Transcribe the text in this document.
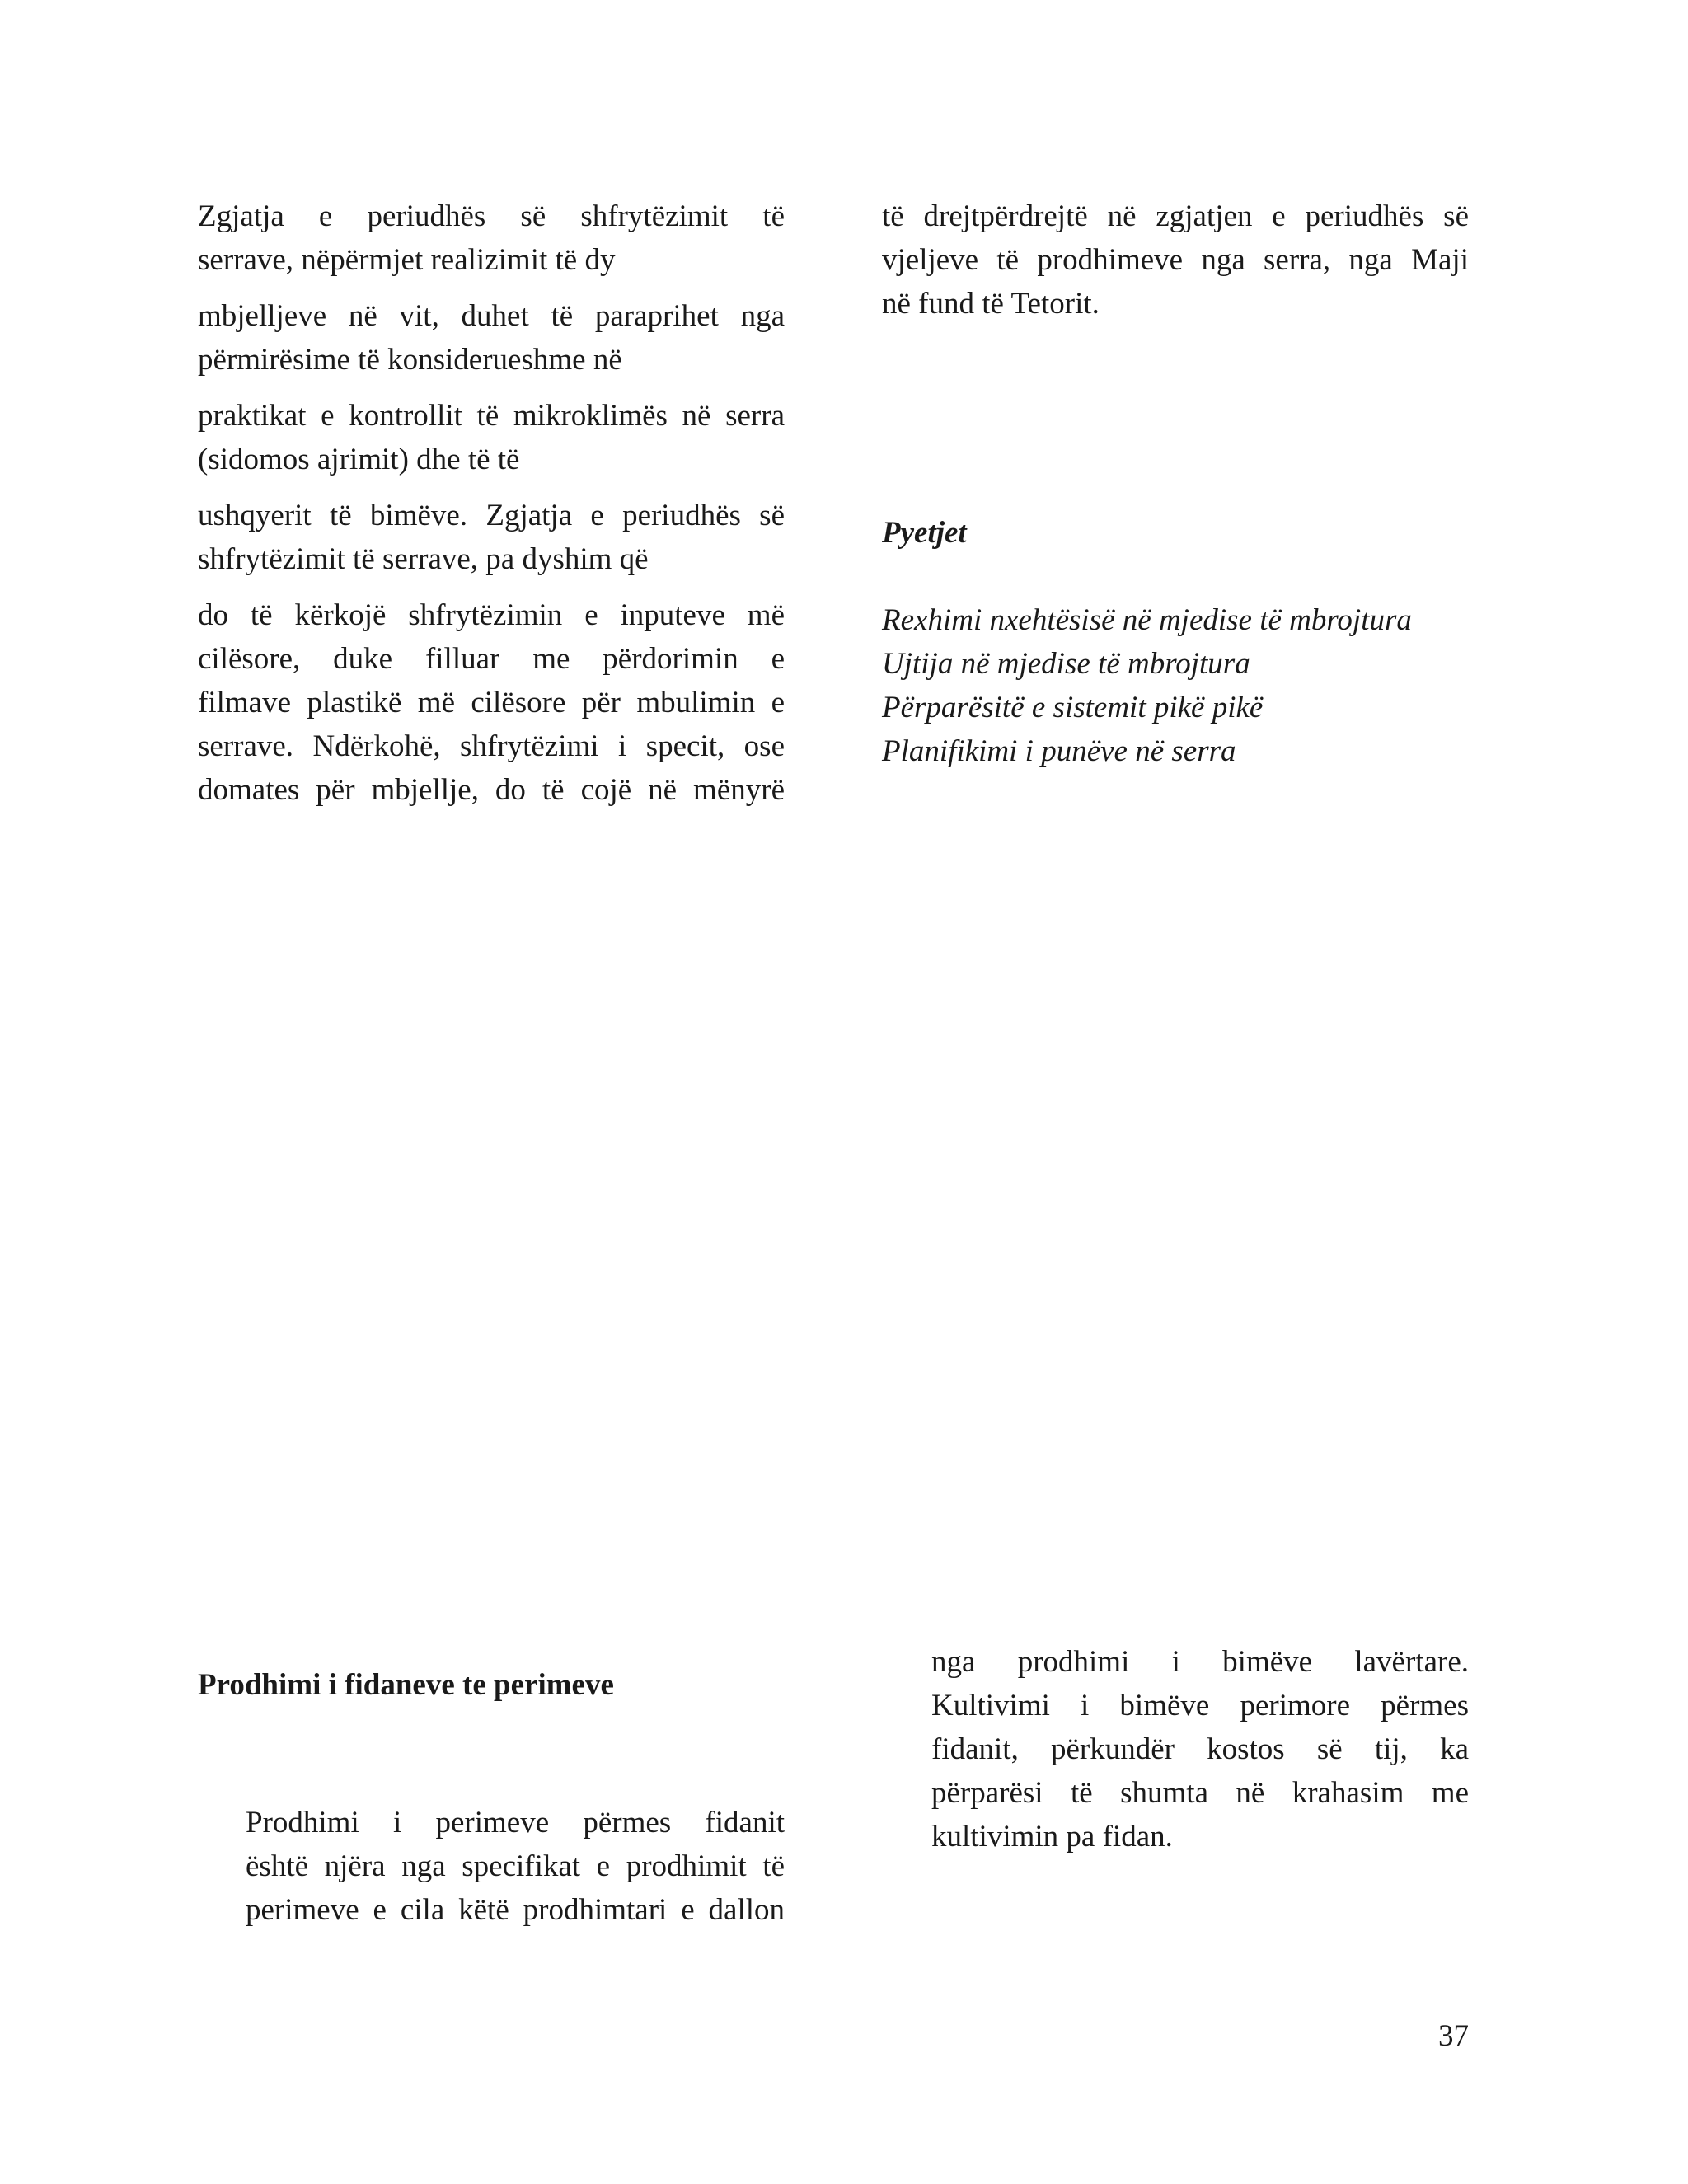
Zgjatja e periudhës së shfrytëzimit të
serrave, nëpërmjet realizimit të dy
mbjelljeve në vit, duhet të paraprihet nga
përmirësime të konsiderueshme në
praktikat e kontrollit të mikroklimës në serra
(sidomos ajrimit) dhe të të
ushqyerit të bimëve. Zgjatja e periudhës së
shfrytëzimit të serrave, pa dyshim që
do të kërkojë shfrytëzimin e inputeve më
cilësore, duke filluar me përdorimin e
filmave plastikë më cilësore për mbulimin e
serrave. Ndërkohë, shfrytëzimi i specit, ose
domates për mbjellje, do të cojë në mënyrë
të drejtpërdrejtë në zgjatjen e periudhës së
vjeljeve të prodhimeve nga serra, nga Maji
në fund të Tetorit.
Pyetjet
Rexhimi nxehtësisë në mjedise të mbrojtura
Ujtija në mjedise të mbrojtura
Përparësitë e sistemit pikë pikë
Planifikimi i punëve në serra
Prodhimi i fidaneve te perimeve
Prodhimi i perimeve përmes fidanit
është njëra nga specifikat e prodhimit të
perimeve e cila këtë prodhimtari e dallon
nga prodhimi i bimëve lavërtare.
Kultivimi i bimëve perimore përmes
fidanit, përkundër kostos së tij, ka
përparësi të shumta në krahasim me
kultivimin pa fidan.
37
